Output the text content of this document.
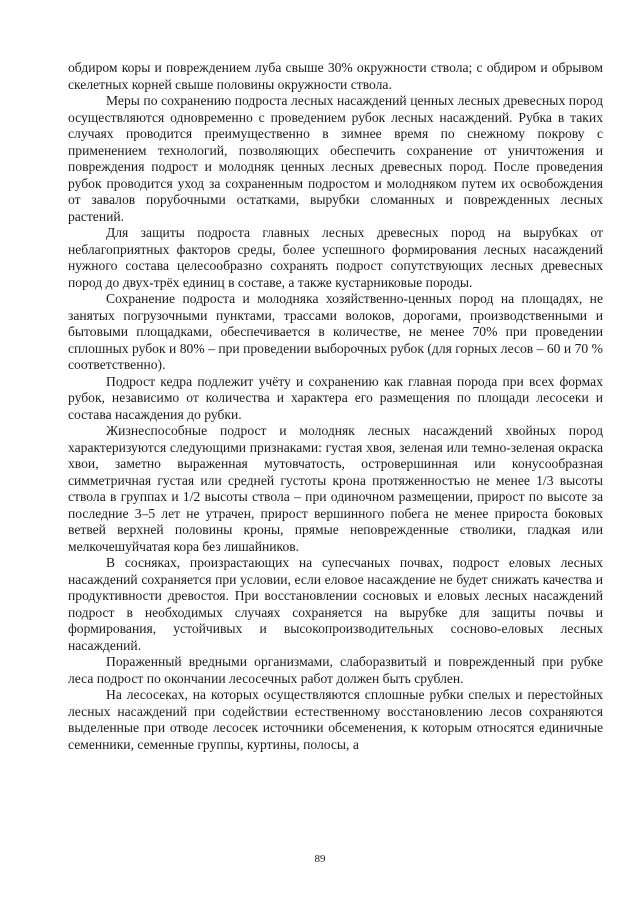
обдиром коры и повреждением луба свыше 30% окружности ствола; с обдиром и обрывом скелетных корней свыше половины окружности ствола.

Меры по сохранению подроста лесных насаждений ценных лесных древесных пород осуществляются одновременно с проведением рубок лесных насаждений. Рубка в таких случаях проводится преимущественно в зимнее время по снежному покрову с применением технологий, позволяющих обеспечить сохранение от уничтожения и повреждения подрост и молодняк ценных лесных древесных пород. После проведения рубок проводится уход за сохраненным подростом и молодняком путем их освобождения от завалов порубочными остатками, вырубки сломанных и поврежденных лесных растений.

Для защиты подроста главных лесных древесных пород на вырубках от неблагоприятных факторов среды, более успешного формирования лесных насаждений нужного состава целесообразно сохранять подрост сопутствующих лесных древесных пород до двух-трёх единиц в составе, а также кустарниковые породы.

Сохранение подроста и молодняка хозяйственно-ценных пород на площадях, не занятых погрузочными пунктами, трассами волоков, дорогами, производственными и бытовыми площадками, обеспечивается в количестве, не менее 70% при проведении сплошных рубок и 80% – при проведении выборочных рубок (для горных лесов – 60 и 70 % соответственно).

Подрост кедра подлежит учёту и сохранению как главная порода при всех формах рубок, независимо от количества и характера его размещения по площади лесосеки и состава насаждения до рубки.

Жизнеспособные подрост и молодняк лесных насаждений хвойных пород характеризуются следующими признаками: густая хвоя, зеленая или темно-зеленая окраска хвои, заметно выраженная мутовчатость, островершинная или конусообразная симметричная густая или средней густоты крона протяженностью не менее 1/3 высоты ствола в группах и 1/2 высоты ствола – при одиночном размещении, прирост по высоте за последние 3–5 лет не утрачен, прирост вершинного побега не менее прироста боковых ветвей верхней половины кроны, прямые неповрежденные стволики, гладкая или мелкочешуйчатая кора без лишайников.

В сосняках, произрастающих на супесчаных почвах, подрост еловых лесных насаждений сохраняется при условии, если еловое насаждение не будет снижать качества и продуктивности древостоя. При восстановлении сосновых и еловых лесных насаждений подрост в необходимых случаях сохраняется на вырубке для защиты почвы и формирования, устойчивых и высокопроизводительных сосново-еловых лесных насаждений.

Пораженный вредными организмами, слаборазвитый и поврежденный при рубке леса подрост по окончании лесосечных работ должен быть срублен.

На лесосеках, на которых осуществляются сплошные рубки спелых и перестойных лесных насаждений при содействии естественному восстановлению лесов сохраняются выделенные при отводе лесосек источники обсеменения, к которым относятся единичные семенники, семенные группы, куртины, полосы, а

89
